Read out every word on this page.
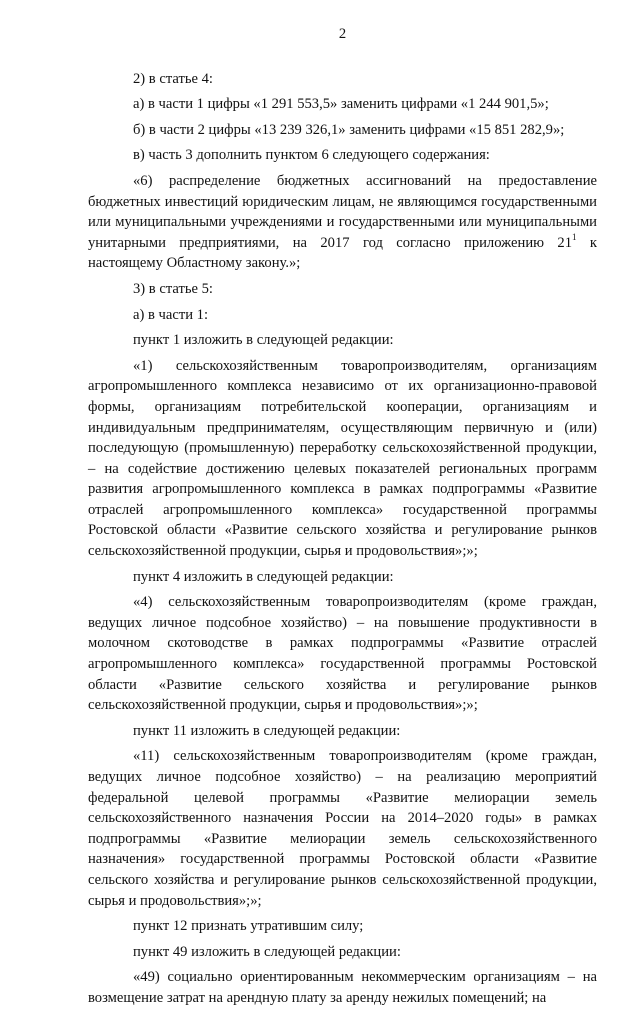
2

2) в статье 4:

а) в части 1 цифры «1 291 553,5» заменить цифрами «1 244 901,5»;

б) в части 2 цифры «13 239 326,1» заменить цифрами «15 851 282,9»;

в) часть 3 дополнить пунктом 6 следующего содержания:

«6) распределение бюджетных ассигнований на предоставление бюджетных инвестиций юридическим лицам, не являющимся государственными или муниципальными учреждениями и государственными или муниципальными унитарными предприятиями, на 2017 год согласно приложению $21^1$ к настоящему Областному закону.»;

3) в статье 5:

а) в части 1:

пункт 1 изложить в следующей редакции:

«1) сельскохозяйственным товаропроизводителям, организациям агропромышленного комплекса независимо от их организационно-правовой формы, организациям потребительской кооперации, организациям и индивидуальным предпринимателям, осуществляющим первичную и (или) последующую (промышленную) переработку сельскохозяйственной продукции, – на содействие достижению целевых показателей региональных программ развития агропромышленного комплекса в рамках подпрограммы «Развитие отраслей агропромышленного комплекса» государственной программы Ростовской области «Развитие сельского хозяйства и регулирование рынков сельскохозяйственной продукции, сырья и продовольствия»;»;

пункт 4 изложить в следующей редакции:

«4) сельскохозяйственным товаропроизводителям (кроме граждан, ведущих личное подсобное хозяйство) – на повышение продуктивности в молочном скотоводстве в рамках подпрограммы «Развитие отраслей агропромышленного комплекса» государственной программы Ростовской области «Развитие сельского хозяйства и регулирование рынков сельскохозяйственной продукции, сырья и продовольствия»;»;

пункт 11 изложить в следующей редакции:

«11) сельскохозяйственным товаропроизводителям (кроме граждан, ведущих личное подсобное хозяйство) – на реализацию мероприятий федеральной целевой программы «Развитие мелиорации земель сельскохозяйственного назначения России на 2014–2020 годы» в рамках подпрограммы «Развитие мелиорации земель сельскохозяйственного назначения» государственной программы Ростовской области «Развитие сельского хозяйства и регулирование рынков сельскохозяйственной продукции, сырья и продовольствия»;»;

пункт 12 признать утратившим силу;

пункт 49 изложить в следующей редакции:

«49) социально ориентированным некоммерческим организациям – на возмещение затрат на арендную плату за аренду нежилых помещений; на
